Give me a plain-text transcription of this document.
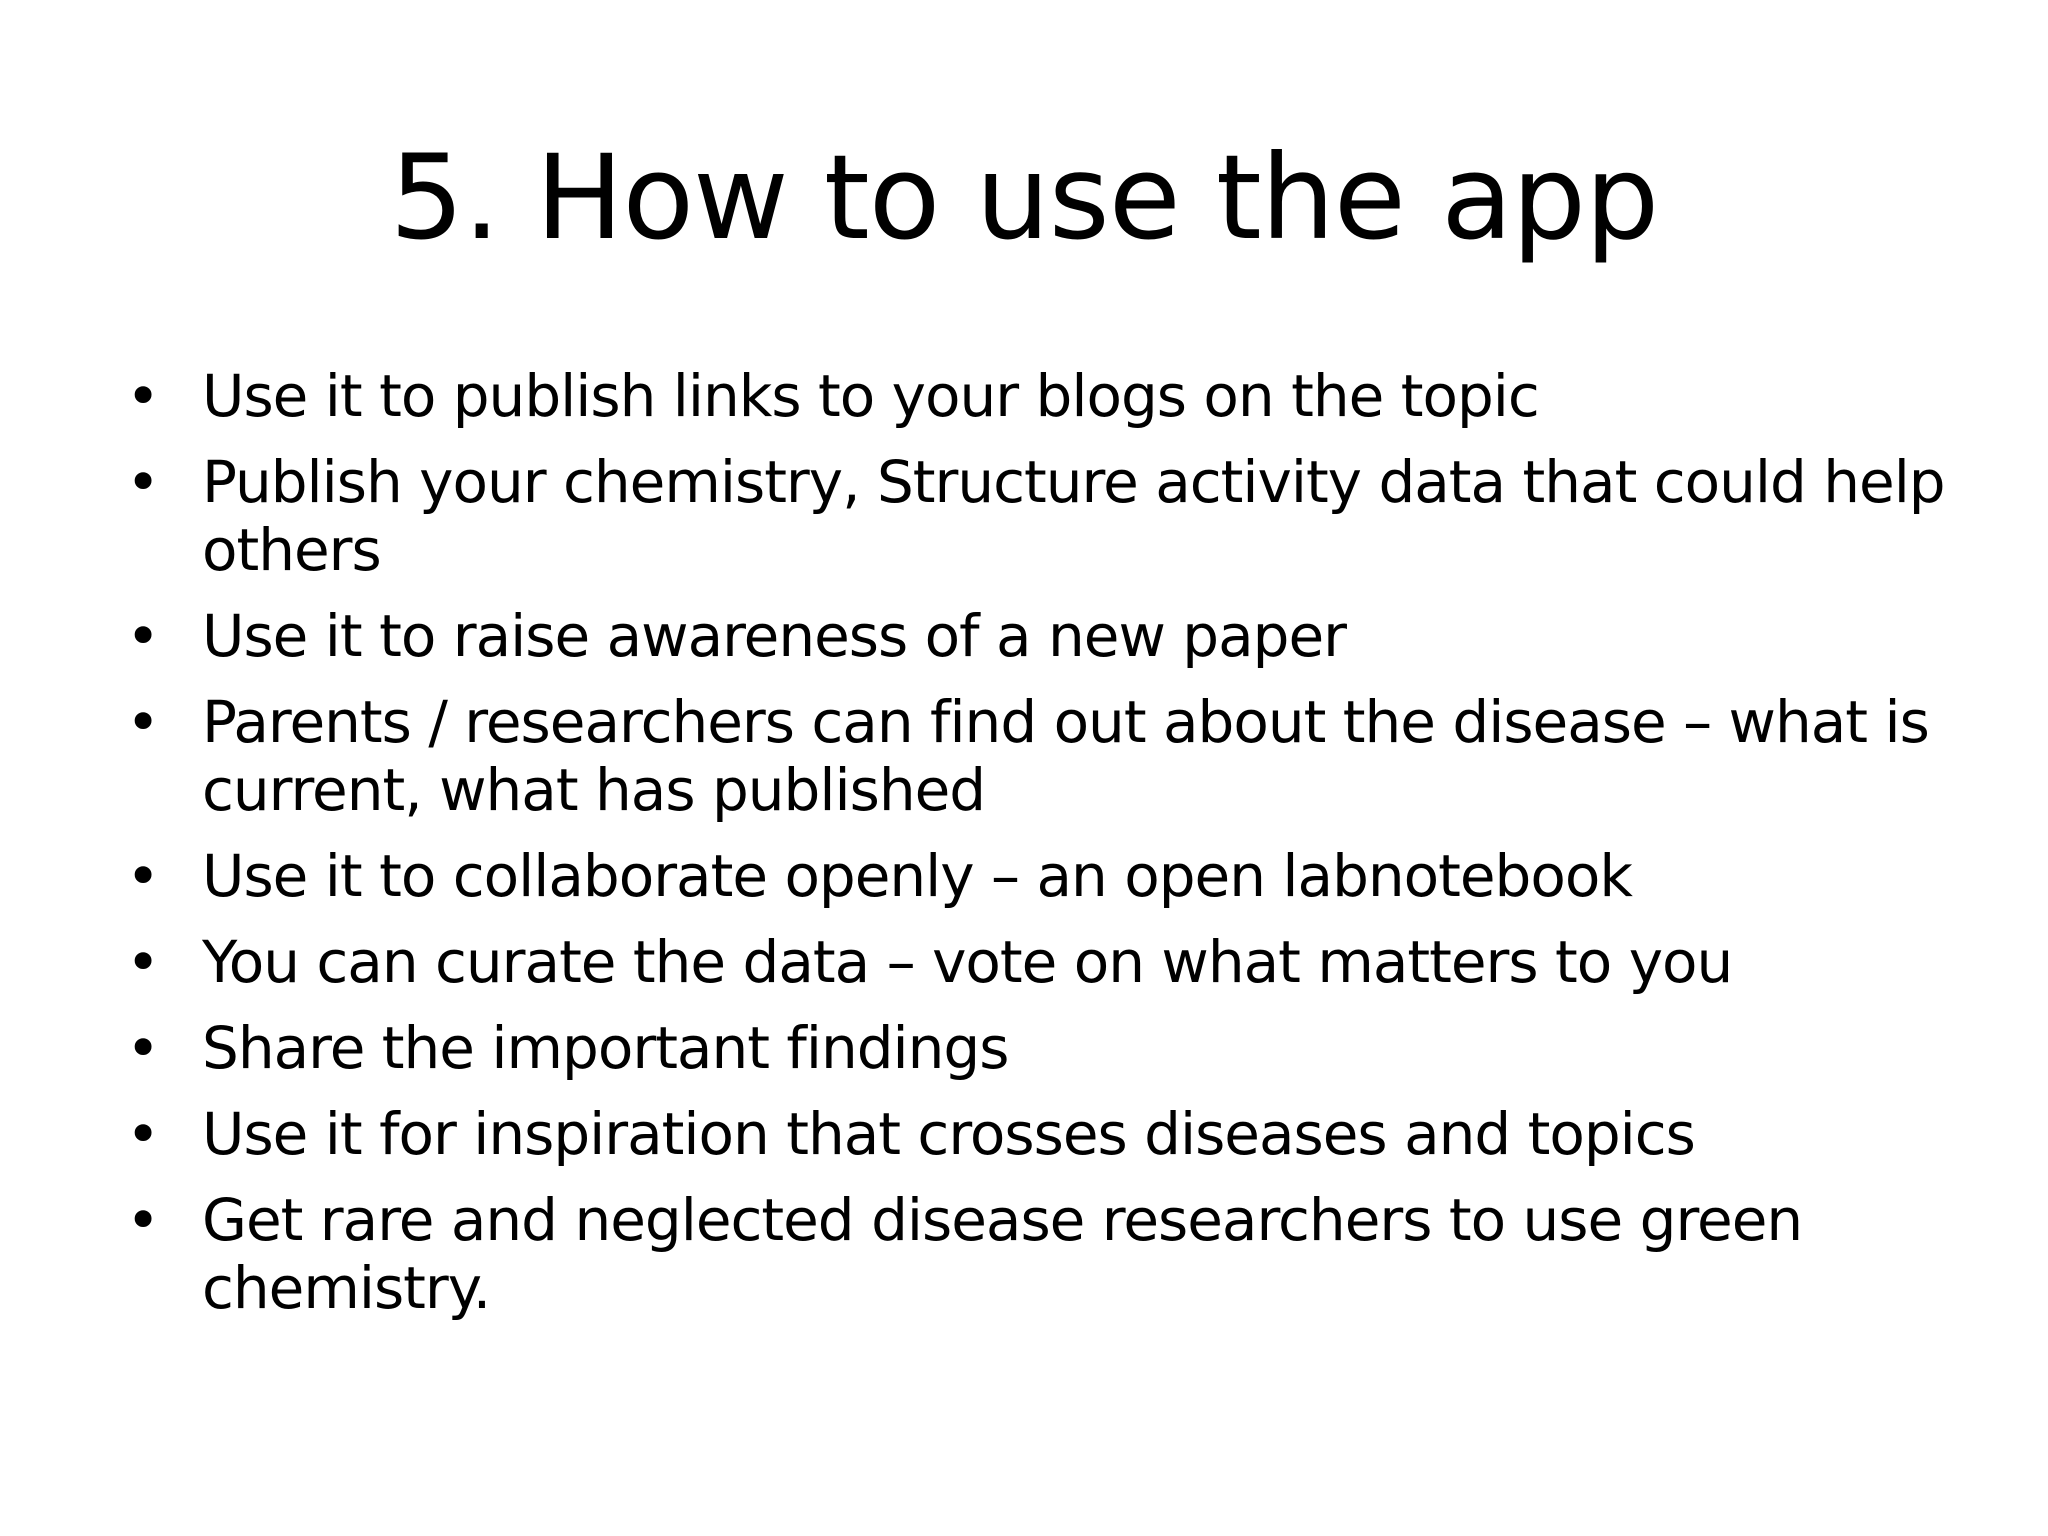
5. How to use the app
• Use it to publish links to your blogs on the topic
• Publish your chemistry, Structure activity data that could help others
• Use it to raise awareness of a new paper
• Parents / researchers can find out about the disease – what is current, what has published
• Use it to collaborate openly – an open labnotebook
• You can curate the data – vote on what matters to you
• Share the important findings
• Use it for inspiration that crosses diseases and topics
• Get rare and neglected disease researchers to use green chemistry.
